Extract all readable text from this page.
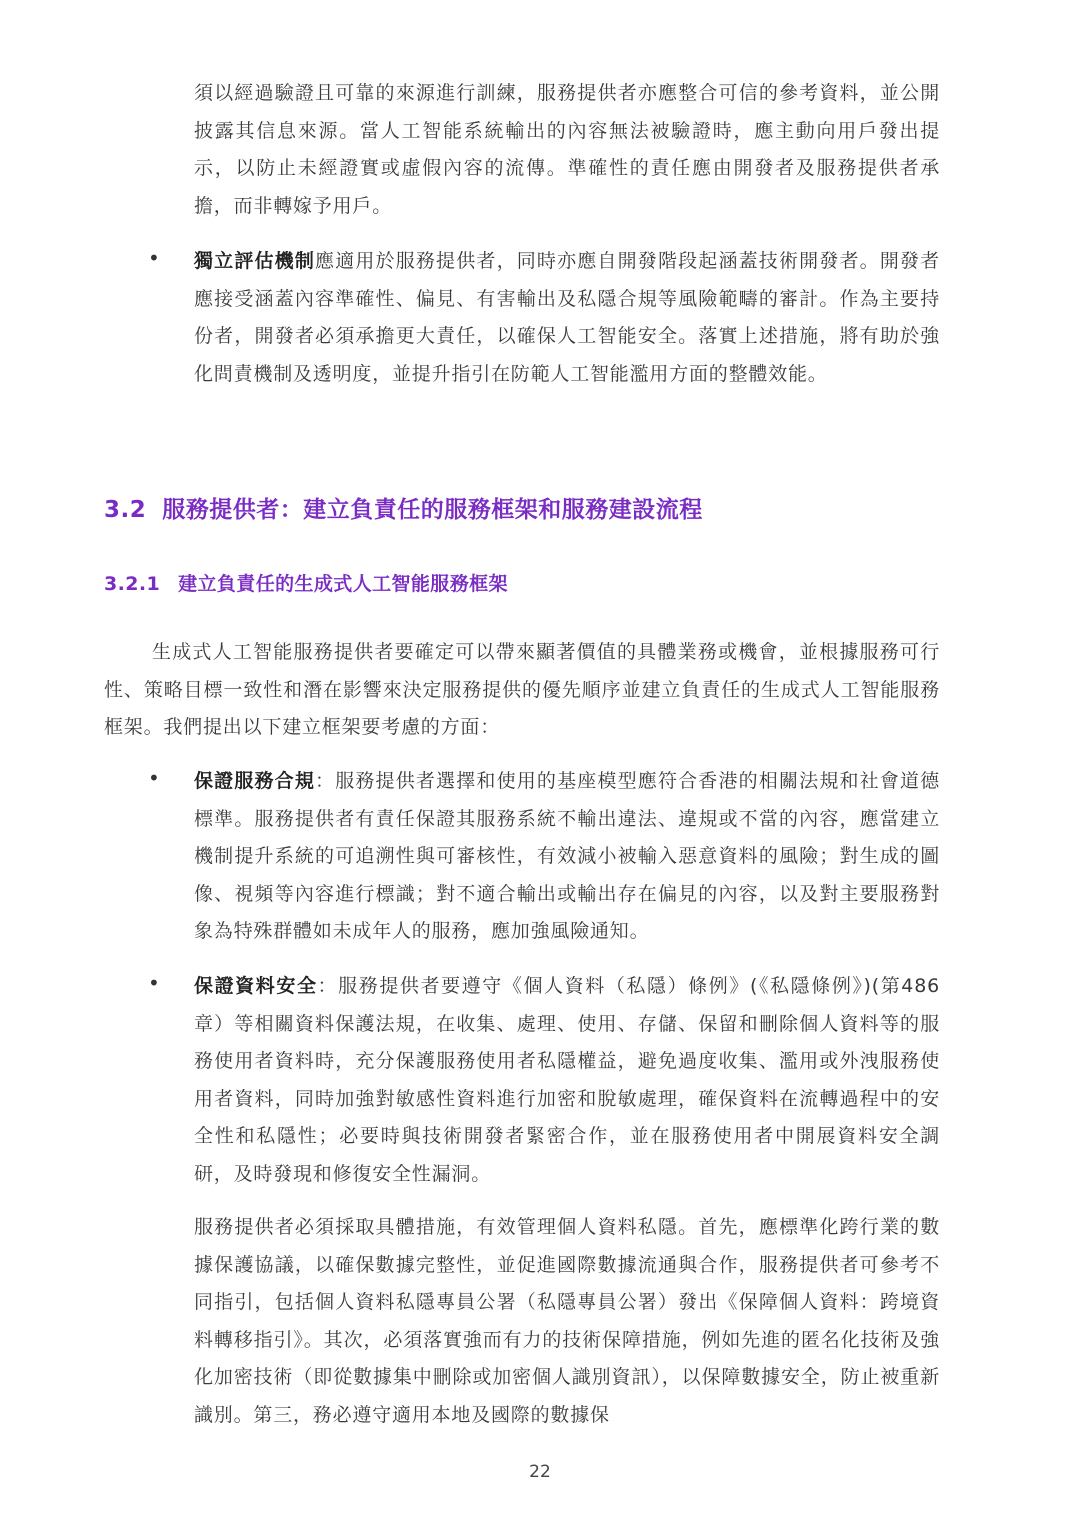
須以經過驗證且可靠的來源進行訓練，服務提供者亦應整合可信的參考資料，並公開披露其信息來源。當人工智能系統輸出的內容無法被驗證時，應主動向用戶發出提示，以防止未經證實或虛假內容的流傳。準確性的責任應由開發者及服務提供者承擔，而非轉嫁予用戶。

• 獨立評估機制應適用於服務提供者，同時亦應自開發階段起涵蓋技術開發者。開發者應接受涵蓋內容準確性、偏見、有害輸出及私隱合規等風險範疇的審計。作為主要持份者，開發者必須承擔更大責任，以確保人工智能安全。落實上述措施，將有助於強化問責機制及透明度，並提升指引在防範人工智能濫用方面的整體效能。

3.2 服務提供者：建立負責任的服務框架和服務建設流程
3.2.1 建立負責任的生成式人工智能服務框架

生成式人工智能服務提供者要確定可以帶來顯著價值的具體業務或機會，並根據服務可行性、策略目標一致性和潛在影響來決定服務提供的優先順序並建立負責任的生成式人工智能服務框架。我們提出以下建立框架要考慮的方面：

• 保證服務合規：服務提供者選擇和使用的基座模型應符合香港的相關法規和社會道德標準。服務提供者有責任保證其服務系統不輸出違法、違規或不當的內容，應當建立機制提升系統的可追溯性與可審核性，有效減小被輸入惡意資料的風險；對生成的圖像、視頻等內容進行標識；對不適合輸出或輸出存在偏見的內容，以及對主要服務對象為特殊群體如未成年人的服務，應加強風險通知。

• 保證資料安全：服務提供者要遵守《個人資料（私隱）條例》(《私隱條例》)(第486章）等相關資料保護法規，在收集、處理、使用、存儲、保留和刪除個人資料等的服務使用者資料時，充分保護服務使用者私隱權益，避免過度收集、濫用或外洩服務使用者資料，同時加強對敏感性資料進行加密和脫敏處理，確保資料在流轉過程中的安全性和私隱性；必要時與技術開發者緊密合作，並在服務使用者中開展資料安全調研，及時發現和修復安全性漏洞。

服務提供者必須採取具體措施，有效管理個人資料私隱。首先，應標準化跨行業的數據保護協議，以確保數據完整性，並促進國際數據流通與合作，服務提供者可參考不同指引，包括個人資料私隱專員公署（私隱專員公署）發出《保障個人資料：跨境資料轉移指引》。其次，必須落實強而有力的技術保障措施，例如先進的匿名化技術及強化加密技術（即從數據集中刪除或加密個人識別資訊），以保障數據安全，防止被重新識別。第三，務必遵守適用本地及國際的數據保

22
